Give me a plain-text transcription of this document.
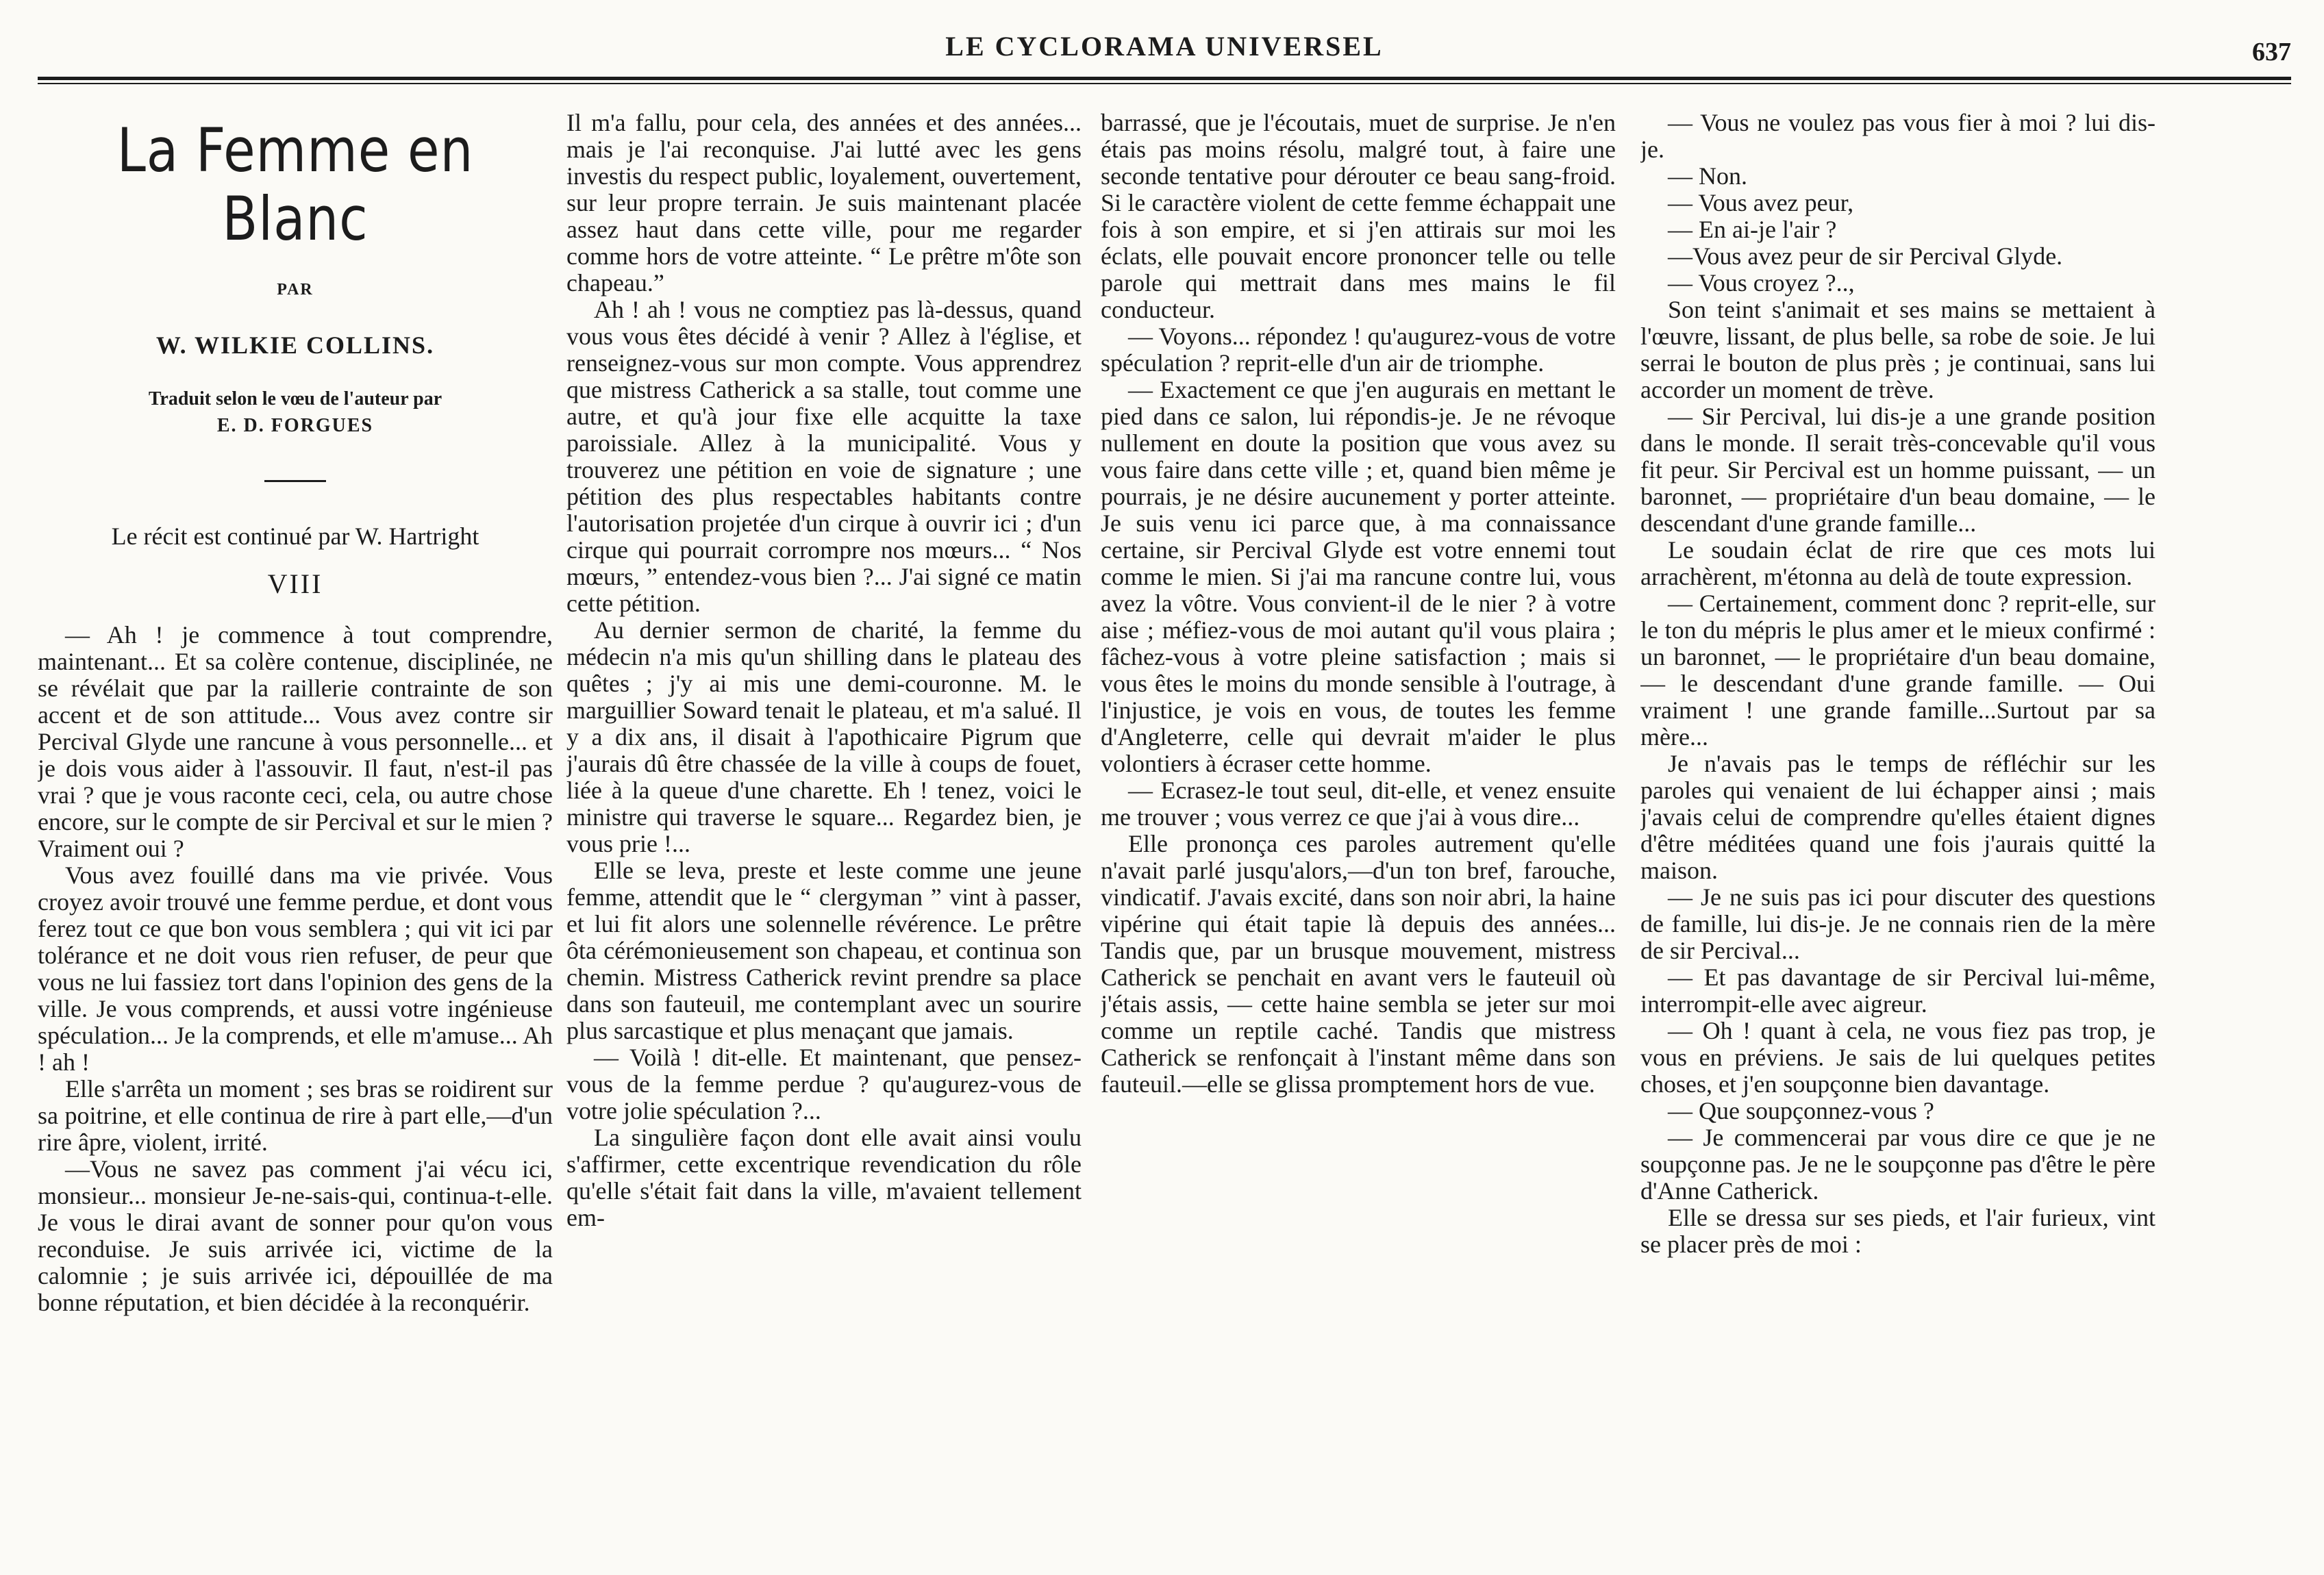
LE CYCLORAMA UNIVERSEL	637
La Femme en Blanc
PAR
W. WILKIE COLLINS.
Traduit selon le vœu de l'auteur par
E. D. FORGUES
Le récit est continué par W. Hartright
VIII

— Ah ! je commence à tout comprendre, maintenant... Et sa colère contenue, disciplinée, ne se révélait que par la raillerie contrainte de son accent et de son attitude... Vous avez contre sir Percival Glyde une rancune à vous personnelle... et je dois vous aider à l'assouvir. Il faut, n'est-il pas vrai ? que je vous raconte ceci, cela, ou autre chose encore, sur le compte de sir Percival et sur le mien ? Vraiment oui ?

Vous avez fouillé dans ma vie privée. Vous croyez avoir trouvé une femme perdue, et dont vous ferez tout ce que bon vous semblera ; qui vit ici par tolérance et ne doit vous rien refuser, de peur que vous ne lui fassiez tort dans l'opinion des gens de la ville. Je vous comprends, et aussi votre ingénieuse spéculation... Je la comprends, et elle m'amuse... Ah ! ah !

Elle s'arrêta un moment ; ses bras se roidirent sur sa poitrine, et elle continua de rire à part elle,—d'un rire âpre, violent, irrité.

—Vous ne savez pas comment j'ai vécu ici, monsieur... monsieur Je-ne-sais-qui, continua-t-elle. Je vous le dirai avant de sonner pour qu'on vous reconduise. Je suis arrivée ici, victime de la calomnie ; je suis arrivée ici, dépouillée de ma bonne réputation, et bien décidée à la reconquérir.

Il m'a fallu, pour cela, des années et des années... mais je l'ai reconquise. J'ai lutté avec les gens investis du respect public, loyalement, ouvertement, sur leur propre terrain. Je suis maintenant placée assez haut dans cette ville, pour me regarder comme hors de votre atteinte. “ Le prêtre m'ôte son chapeau.”

Ah ! ah ! vous ne comptiez pas là-dessus, quand vous vous êtes décidé à venir ? Allez à l'église, et renseignez-vous sur mon compte. Vous apprendrez que mistress Catherick a sa stalle, tout comme une autre, et qu'à jour fixe elle acquitte la taxe paroissiale. Allez à la municipalité. Vous y trouverez une pétition en voie de signature ; une pétition des plus respectables habitants contre l'autorisation projetée d'un cirque à ouvrir ici ; d'un cirque qui pourrait corrompre nos mœurs... “ Nos mœurs, ” entendez-vous bien ?... J'ai signé ce matin cette pétition.

Au dernier sermon de charité, la femme du médecin n'a mis qu'un shilling dans le plateau des quêtes ; j'y ai mis une demi-couronne. M. le marguillier Soward tenait le plateau, et m'a salué. Il y a dix ans, il disait à l'apothicaire Pigrum que j'aurais dû être chassée de la ville à coups de fouet, liée à la queue d'une charette. Eh ! tenez, voici le ministre qui traverse le square... Regardez bien, je vous prie !...

Elle se leva, preste et leste comme une jeune femme, attendit que le “ clergyman ” vint à passer, et lui fit alors une solennelle révérence. Le prêtre ôta cérémonieusement son chapeau, et continua son chemin. Mistress Catherick revint prendre sa place dans son fauteuil, me contemplant avec un sourire plus sarcastique et plus menaçant que jamais.

— Voilà ! dit-elle. Et maintenant, que pensez-vous de la femme perdue ? qu'augurez-vous de votre jolie spéculation ?...

La singulière façon dont elle avait ainsi voulu s'affirmer, cette excentrique revendication du rôle qu'elle s'était fait dans la ville, m'avaient tellement em-

barrassé, que je l'écoutais, muet de surprise. Je n'en étais pas moins résolu, malgré tout, à faire une seconde tentative pour dérouter ce beau sang-froid. Si le caractère violent de cette femme échappait une fois à son empire, et si j'en attirais sur moi les éclats, elle pouvait encore prononcer telle ou telle parole qui mettrait dans mes mains le fil conducteur.

— Voyons... répondez ! qu'augurez-vous de votre spéculation ? reprit-elle d'un air de triomphe.

— Exactement ce que j'en augurais en mettant le pied dans ce salon, lui répondis-je. Je ne révoque nullement en doute la position que vous avez su vous faire dans cette ville ; et, quand bien même je pourrais, je ne désire aucunement y porter atteinte. Je suis venu ici parce que, à ma connaissance certaine, sir Percival Glyde est votre ennemi tout comme le mien. Si j'ai ma rancune contre lui, vous avez la vôtre. Vous convient-il de le nier ? à votre aise ; méfiez-vous de moi autant qu'il vous plaira ; fâchez-vous à votre pleine satisfaction ; mais si vous êtes le moins du monde sensible à l'outrage, à l'injustice, je vois en vous, de toutes les femme d'Angleterre, celle qui devrait m'aider le plus volontiers à écraser cette homme.

— Ecrasez-le tout seul, dit-elle, et venez ensuite me trouver ; vous verrez ce que j'ai à vous dire...

Elle prononça ces paroles autrement qu'elle n'avait parlé jusqu'alors,—d'un ton bref, farouche, vindicatif. J'avais excité, dans son noir abri, la haine vipérine qui était tapie là depuis des années... Tandis que, par un brusque mouvement, mistress Catherick se penchait en avant vers le fauteuil où j'étais assis, — cette haine sembla se jeter sur moi comme un reptile caché. Tandis que mistress Catherick se renfonçait à l'instant même dans son fauteuil.—elle se glissa promptement hors de vue.

— Vous ne voulez pas vous fier à moi ? lui dis-je.

— Non.

— Vous avez peur,

— En ai-je l'air ?

—Vous avez peur de sir Percival Glyde.

— Vous croyez ?..,

Son teint s'animait et ses mains se mettaient à l'œuvre, lissant, de plus belle, sa robe de soie. Je lui serrai le bouton de plus près ; je continuai, sans lui accorder un moment de trève.

— Sir Percival, lui dis-je a une grande position dans le monde. Il serait très-concevable qu'il vous fit peur. Sir Percival est un homme puissant, — un baronnet, — propriétaire d'un beau domaine, — le descendant d'une grande famille...

Le soudain éclat de rire que ces mots lui arrachèrent, m'étonna au delà de toute expression.

— Certainement, comment donc ? reprit-elle, sur le ton du mépris le plus amer et le mieux confirmé : un baronnet, — le propriétaire d'un beau domaine, — le descendant d'une grande famille. — Oui vraiment ! une grande famille...Surtout par sa mère...

Je n'avais pas le temps de réfléchir sur les paroles qui venaient de lui échapper ainsi ; mais j'avais celui de comprendre qu'elles étaient dignes d'être méditées quand une fois j'aurais quitté la maison.

— Je ne suis pas ici pour discuter des questions de famille, lui dis-je. Je ne connais rien de la mère de sir Percival...

— Et pas davantage de sir Percival lui-même, interrompit-elle avec aigreur.

— Oh ! quant à cela, ne vous fiez pas trop, je vous en préviens. Je sais de lui quelques petites choses, et j'en soupçonne bien davantage.

— Que soupçonnez-vous ?

— Je commencerai par vous dire ce que je ne soupçonne pas. Je ne le soupçonne pas d'être le père d'Anne Catherick.

Elle se dressa sur ses pieds, et l'air furieux, vint se placer près de moi :
